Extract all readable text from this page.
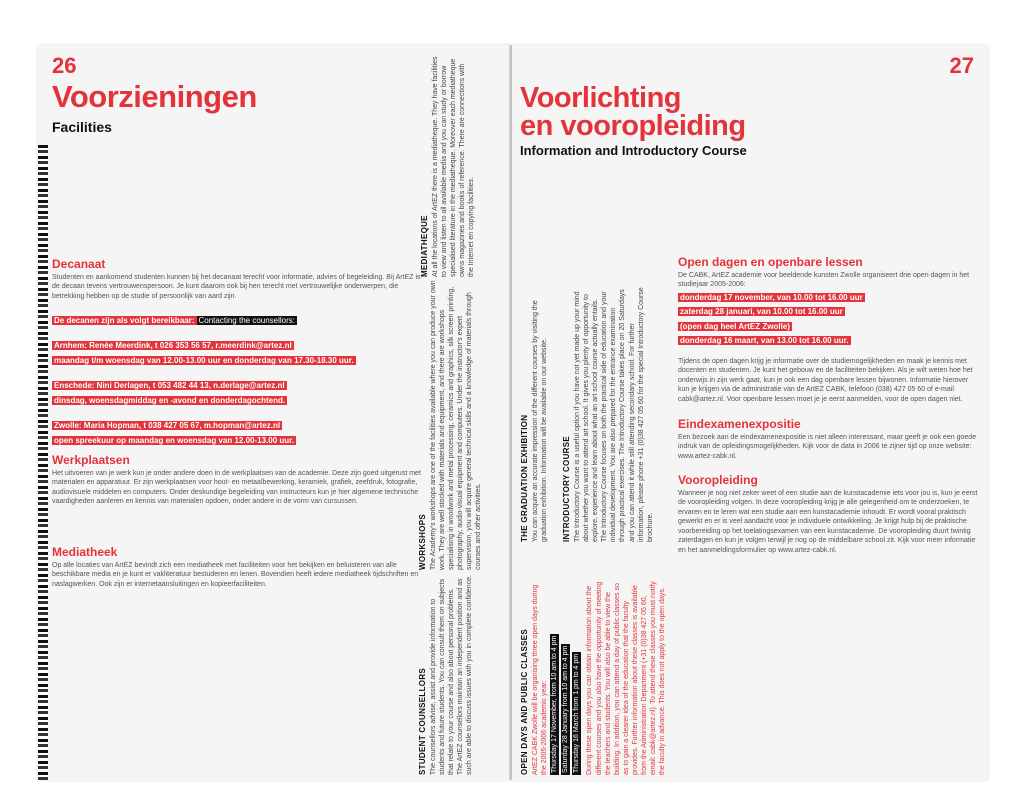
26
Voorzieningen
Facilities
Decanaat

Studenten en aankomend studenten kunnen bij het decanaat terecht voor informatie, advies of begeleiding. Bij ArtEZ is de decaan tevens vertrouwenspersoon. Je kunt daarom ook bij hen terecht met vertrouwelijke onderwerpen, die betrekking hebben op de studie of persoonlijk van aard zijn.

De decanen zijn als volgt bereikbaar: Contacting the counsellors:
Arnhem: Renée Meerdink, t 026 353 56 57, r.meerdink@artez.nl
maandag t/m woensdag van 12.00-13.00 uur en donderdag van 17.30-18.30 uur.
Enschede: Nini Derlagen, t 053 482 44 13, n.derlage@artez.nl
dinsdag, woensdagmiddag en -avond en donderdagochtend.
Zwolle: Maria Hopman, t 038 427 05 67, m.hopman@artez.nl
open spreekuur op maandag en woensdag van 12.00-13.00 uur.
Werkplaatsen

Het uitvoeren van je werk kun je onder andere doen in de werkplaatsen van de academie. Deze zijn goed uitgerust met materialen en apparatuur. Er zijn werkplaatsen voor hout- en metaalbewerking, keramiek, grafiek, zeefdruk, fotografie, audiovisuele middelen en computers. Onder deskundige begeleiding van instructeurs kun je hier algemene technische vaardigheden aanleren en kennis van materialen opdoen, onder andere in de vorm van cursussen.

Mediatheek

Op alle locaties van ArtEZ bevindt zich een mediatheek met faciliteiten voor het bekijken en beluisteren van alle beschikbare media en je kunt er vakliteratuur bestuderen en lenen. Bovendien heeft iedere mediatheek tijdschriften en naslagwerken. Ook zijn er internetaansluitingen en kopieerfaciliteiten.

MEDIATHEQUE At all the locations of ArtEZ there is a mediatheque. They have facilities to view and listen to all available media and you can study or borrow specialised literature in the mediatheque. Moreover each mediatheque owns magazines and books of reference. There are connections with the Internet en copying facilities.
WORKSHOPS The Academy's workshops are one of the facilities available where you can produce your own work. They are well stocked with materials and equipment, and there are workshops specialising in woodwork and metal processing, ceramics and graphics, silk screen printing, photography, audio-visual equipment and computers. Under the instructor's expert supervision, you will acquire general technical skills and a knowledge of materials through courses and other activities.
STUDENT COUNSELLORS The counsellors advise, assist and provide information to students and future students. You can consult them on subjects that relate to your course and also about personal problems. The ArtEZ counsellors maintain an independent position and as such are able to discuss issues with you in complete confidence.
27
Voorlichting
en vooropleiding
Information and Introductory Course
THE GRADUATION EXHIBITION You can acquire an accurate impression of the different courses by visiting the graduation exhibition. Information will be available on our website. INTRODUCTORY COURSE The Introductory Course is a useful option if you have not yet made up your mind about whether you want to attend art school. It gives you plenty of opportunity to explore, experience and learn about what an art school course actually entails. The Introductory Course focuses on both the practical side of education and your individual development. You are also prepared for the entrance examination through practical exercises. The Introductory Course takes place on 20 Saturdays and you can attend it while still attending secondary school. For further information, please phone +31 (0)38 427 05 60 for the special Introductory Course brochure.
OPEN DAYS AND PUBLIC CLASSES ArtEZ CABK Zwolle will be organising three open days during the 2005-2006 academic year: Thursday 17 November, from 10 am to 4 pm Saturday 28 January from 10 am to 4 pm Thursday 16 March from 1 pm to 4 pm During these open days you can obtain information about the different courses and you also have the opportunity of meeting the teachers and students. You will also be able to view the building. In addition, you can attend a day of public classes so as to gain a clearer idea of the education that the faculty provides. Further information about these classes is available from the Administration Department (+31 (0)38 427 05 60, email: cabk@artez.nl). To attend these classes you must notify the faculty in advance. This does not apply to the open days.
Open dagen en openbare lessen

De CABK, ArtEZ academie voor beeldende kunsten Zwolle organiseert drie open dagen in het studiejaar 2005-2006:

donderdag 17 november, van 10.00 tot 16.00 uur
zaterdag 28 januari, van 10.00 tot 16.00 uur
(open dag heel ArtEZ Zwolle)
donderdag 16 maart, van 13.00 tot 16.00 uur.

Tijdens de open dagen krijg je informatie over de studiemogelijkheden en maak je kennis met docenten en studenten. Je kunt het gebouw en de faciliteiten bekijken. Als je wilt weten hoe het onderwijs in zijn werk gaat, kun je ook een dag openbare lessen bijwonen. Informatie hierover kun je krijgen via de administratie van de ArtEZ CABK, telefoon (038) 427 05 60 of e-mail cabk@artez.nl. Voor openbare lessen moet je je eerst aanmelden, voor de open dagen niet.

Eindexamenexpositie

Een bezoek aan de eindexamenexpositie is niet alleen interessant, maar geeft je ook een goede indruk van de opleidingsmogelijkheden. Kijk voor de data in 2006 te zijner tijd op onze website: www.artez-cabk.nl.

Vooropleiding

Wanneer je nog niet zeker weet of een studie aan de kunstacademie iets voor jou is, kun je eerst de vooropleiding volgen. In deze vooropleiding krijg je alle gelegenheid om te onderzoeken, te ervaren en te leren wat een studie aan een kunstacademie inhoudt. Er wordt vooral praktisch gewerkt en er is veel aandacht voor je individuele ontwikkeling. Je krijgt hulp bij de praktische voorbereiding op het toelatingsexamen van een kunstacademie. De vooropleiding duurt twintig zaterdagen en kun je volgen terwijl je nog op de middelbare school zit. Kijk voor meer informatie en het aanmeldingsformulier op www.artez-cabk.nl.
